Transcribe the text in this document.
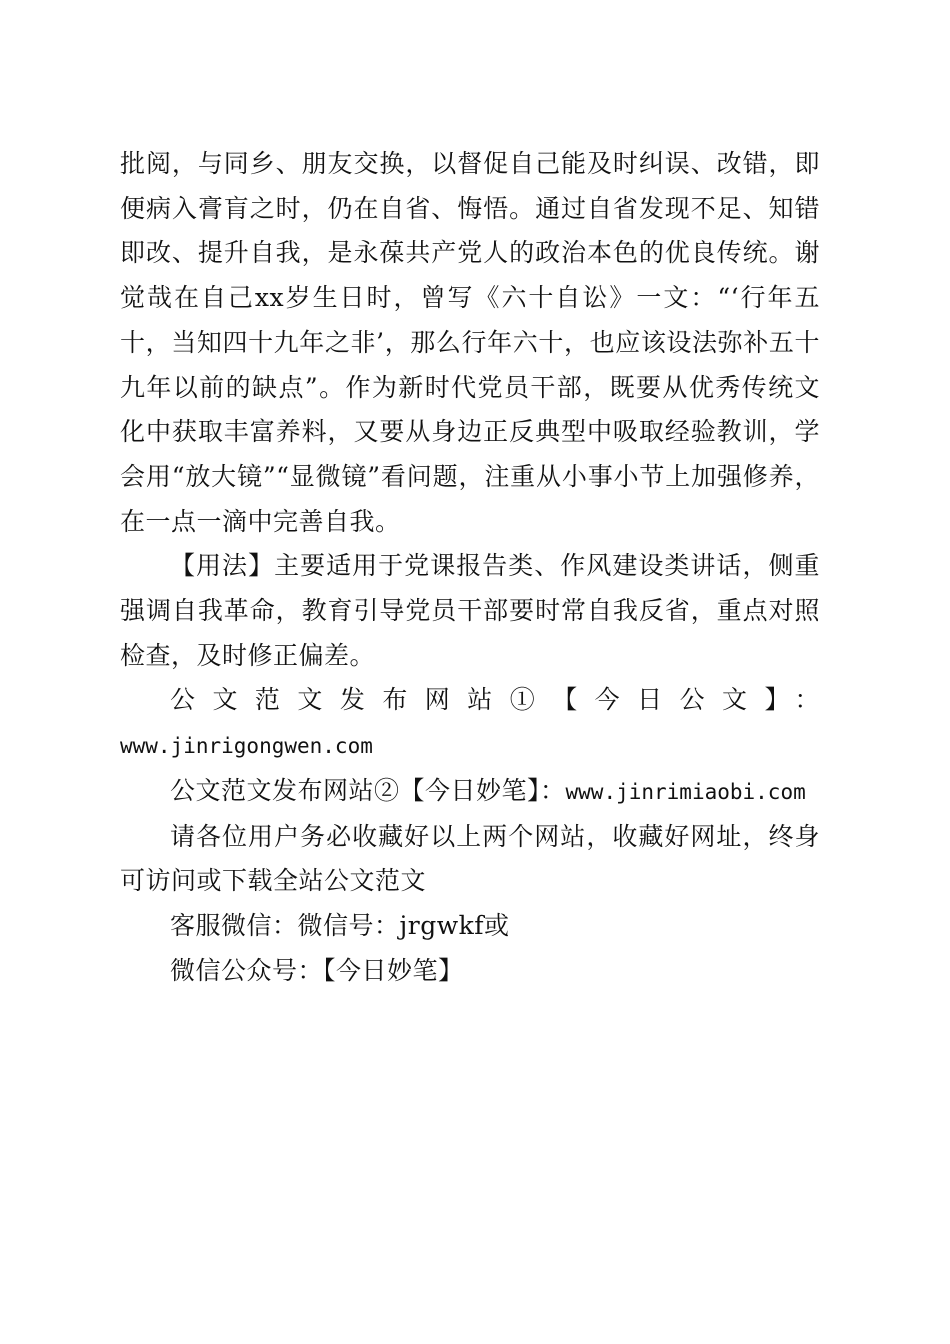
批阅，与同乡、朋友交换，以督促自己能及时纠误、改错，即便病入膏肓之时，仍在自省、悔悟。通过自省发现不足、知错即改、提升自我，是永葆共产党人的政治本色的优良传统。谢觉哉在自己xx岁生日时，曾写《六十自讼》一文：“‘行年五十，当知四十九年之非’，那么行年六十，也应该设法弥补五十九年以前的缺点”。作为新时代党员干部，既要从优秀传统文化中获取丰富养料，又要从身边正反典型中吸取经验教训，学会用“放大镜”“显微镜”看问题，注重从小事小节上加强修养，在一点一滴中完善自我。

【用法】主要适用于党课报告类、作风建设类讲话，侧重强调自我革命，教育引导党员干部要时常自我反省，重点对照检查，及时修正偏差。

公文范文发布网站①【今日公文】：

www.jinrigongwen.com

公文范文发布网站②【今日妙笔】：www.jinrimiaobi.com

请各位用户务必收藏好以上两个网站，收藏好网址，终身可访问或下载全站公文范文

客服微信：微信号：jrgwkf或

微信公众号：【今日妙笔】
